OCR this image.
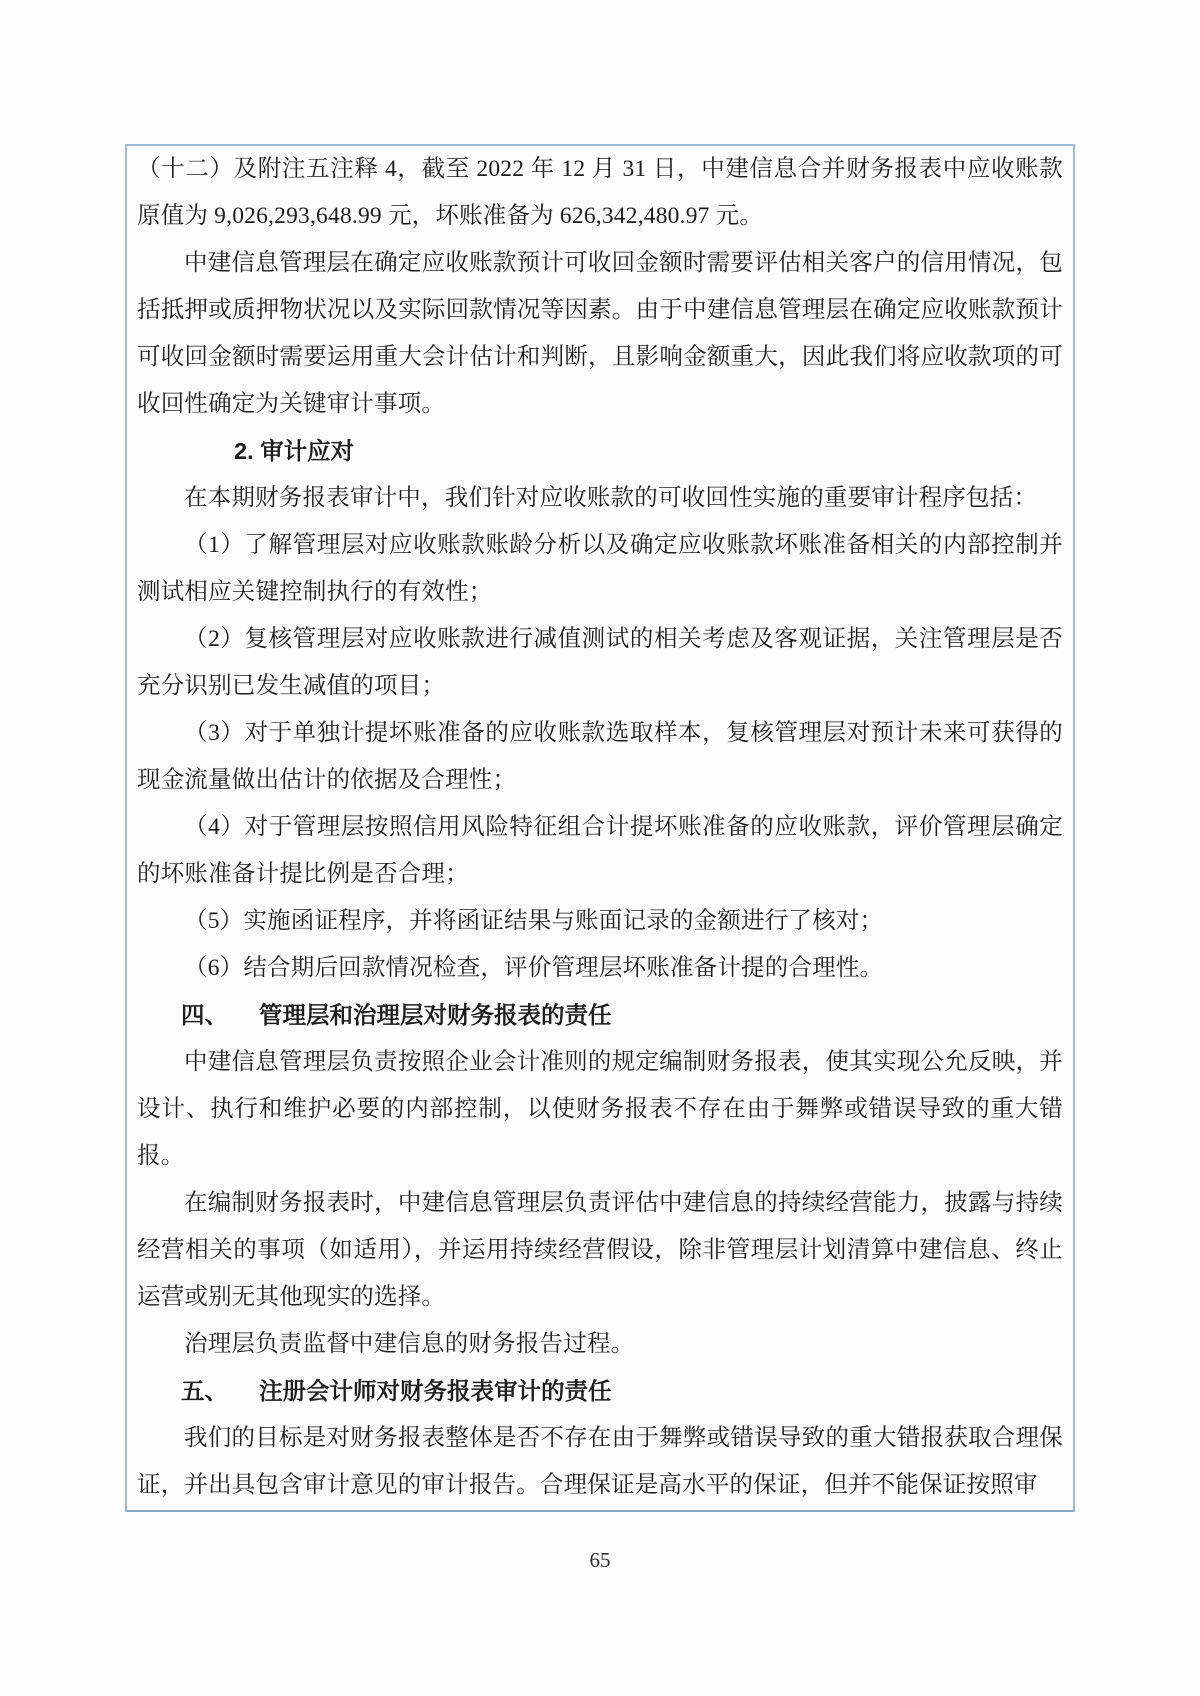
（十二）及附注五注释 4，截至 2022 年 12 月 31 日，中建信息合并财务报表中应收账款原值为 9,026,293,648.99 元，坏账准备为 626,342,480.97 元。

中建信息管理层在确定应收账款预计可收回金额时需要评估相关客户的信用情况，包括抵押或质押物状况以及实际回款情况等因素。由于中建信息管理层在确定应收账款预计可收回金额时需要运用重大会计估计和判断，且影响金额重大，因此我们将应收款项的可收回性确定为关键审计事项。

2. 审计应对

在本期财务报表审计中，我们针对应收账款的可收回性实施的重要审计程序包括：

（1）了解管理层对应收账款账龄分析以及确定应收账款坏账准备相关的内部控制并测试相应关键控制执行的有效性；

（2）复核管理层对应收账款进行减值测试的相关考虑及客观证据，关注管理层是否充分识别已发生减值的项目；

（3）对于单独计提坏账准备的应收账款选取样本，复核管理层对预计未来可获得的现金流量做出估计的依据及合理性；

（4）对于管理层按照信用风险特征组合计提坏账准备的应收账款，评价管理层确定的坏账准备计提比例是否合理；

（5）实施函证程序，并将函证结果与账面记录的金额进行了核对；

（6）结合期后回款情况检查，评价管理层坏账准备计提的合理性。

四、 管理层和治理层对财务报表的责任

中建信息管理层负责按照企业会计准则的规定编制财务报表，使其实现公允反映，并设计、执行和维护必要的内部控制，以使财务报表不存在由于舞弊或错误导致的重大错报。

在编制财务报表时，中建信息管理层负责评估中建信息的持续经营能力，披露与持续经营相关的事项（如适用），并运用持续经营假设，除非管理层计划清算中建信息、终止运营或别无其他现实的选择。

治理层负责监督中建信息的财务报告过程。

五、 注册会计师对财务报表审计的责任

我们的目标是对财务报表整体是否不存在由于舞弊或错误导致的重大错报获取合理保证，并出具包含审计意见的审计报告。合理保证是高水平的保证，但并不能保证按照审

65
